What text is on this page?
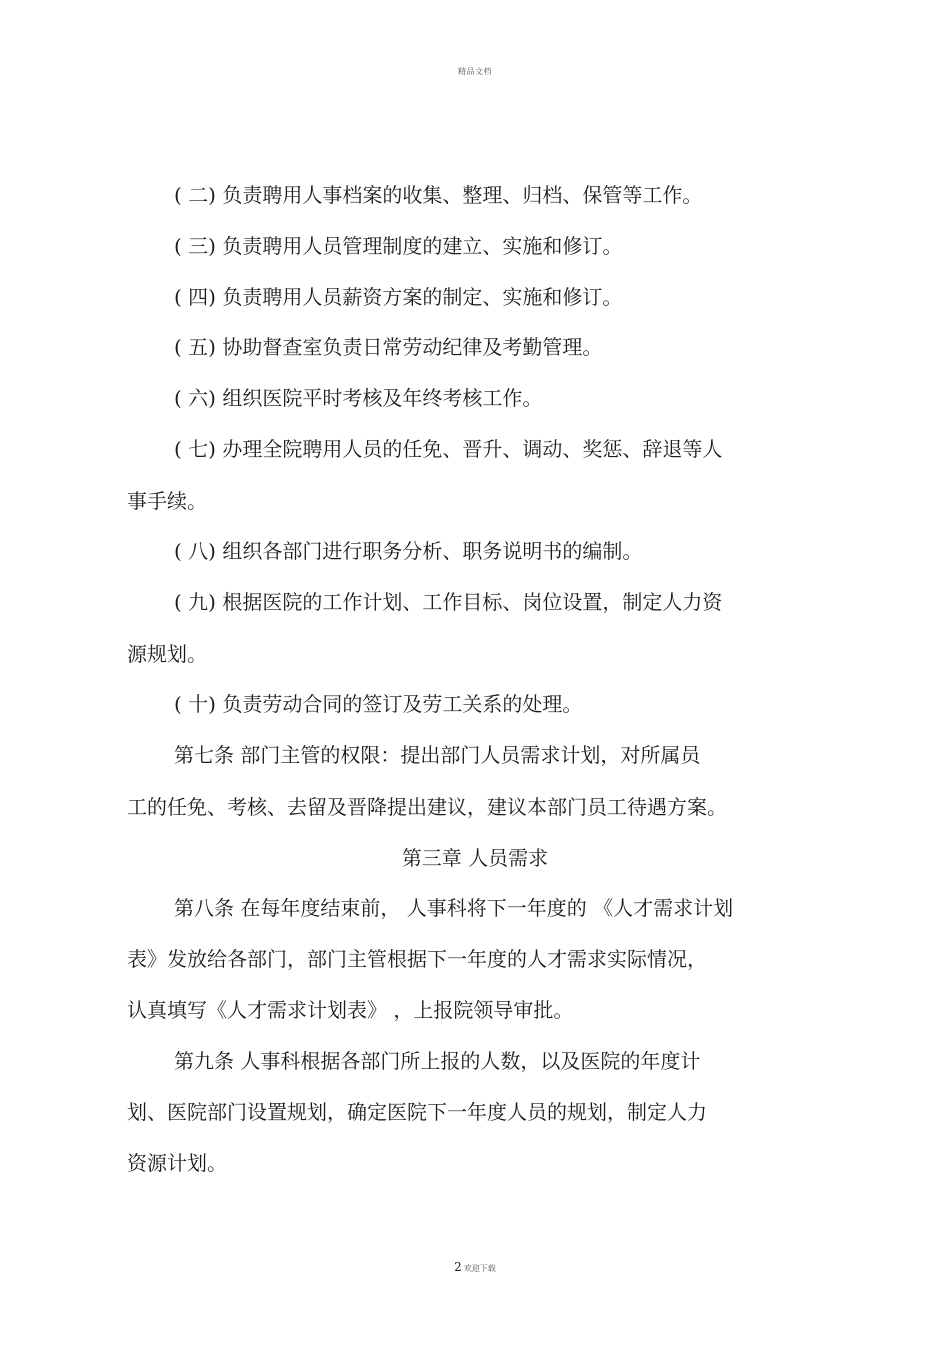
精品文档
( 二) 负责聘用人事档案的收集、整理、归档、保管等工作。
( 三) 负责聘用人员管理制度的建立、实施和修订。
( 四) 负责聘用人员薪资方案的制定、实施和修订。
( 五) 协助督查室负责日常劳动纪律及考勤管理。
( 六) 组织医院平时考核及年终考核工作。
( 七) 办理全院聘用人员的任免、晋升、调动、奖惩、辞退等人
事手续。
( 八) 组织各部门进行职务分析、职务说明书的编制。
( 九) 根据医院的工作计划、工作目标、岗位设置，制定人力资
源规划。
( 十) 负责劳动合同的签订及劳工关系的处理。
第七条 部门主管的权限：提出部门人员需求计划，对所属员
工的任免、考核、去留及晋降提出建议，建议本部门员工待遇方案。
第三章 人员需求
第八条 在每年度结束前， 人事科将下一年度的 《人才需求计划
表》发放给各部门，部门主管根据下一年度的人才需求实际情况，
认真填写《人才需求计划表》 ，上报院领导审批。
第九条 人事科根据各部门所上报的人数，以及医院的年度计
划、医院部门设置规划，确定医院下一年度人员的规划，制定人力
资源计划。
2 欢迎下载
